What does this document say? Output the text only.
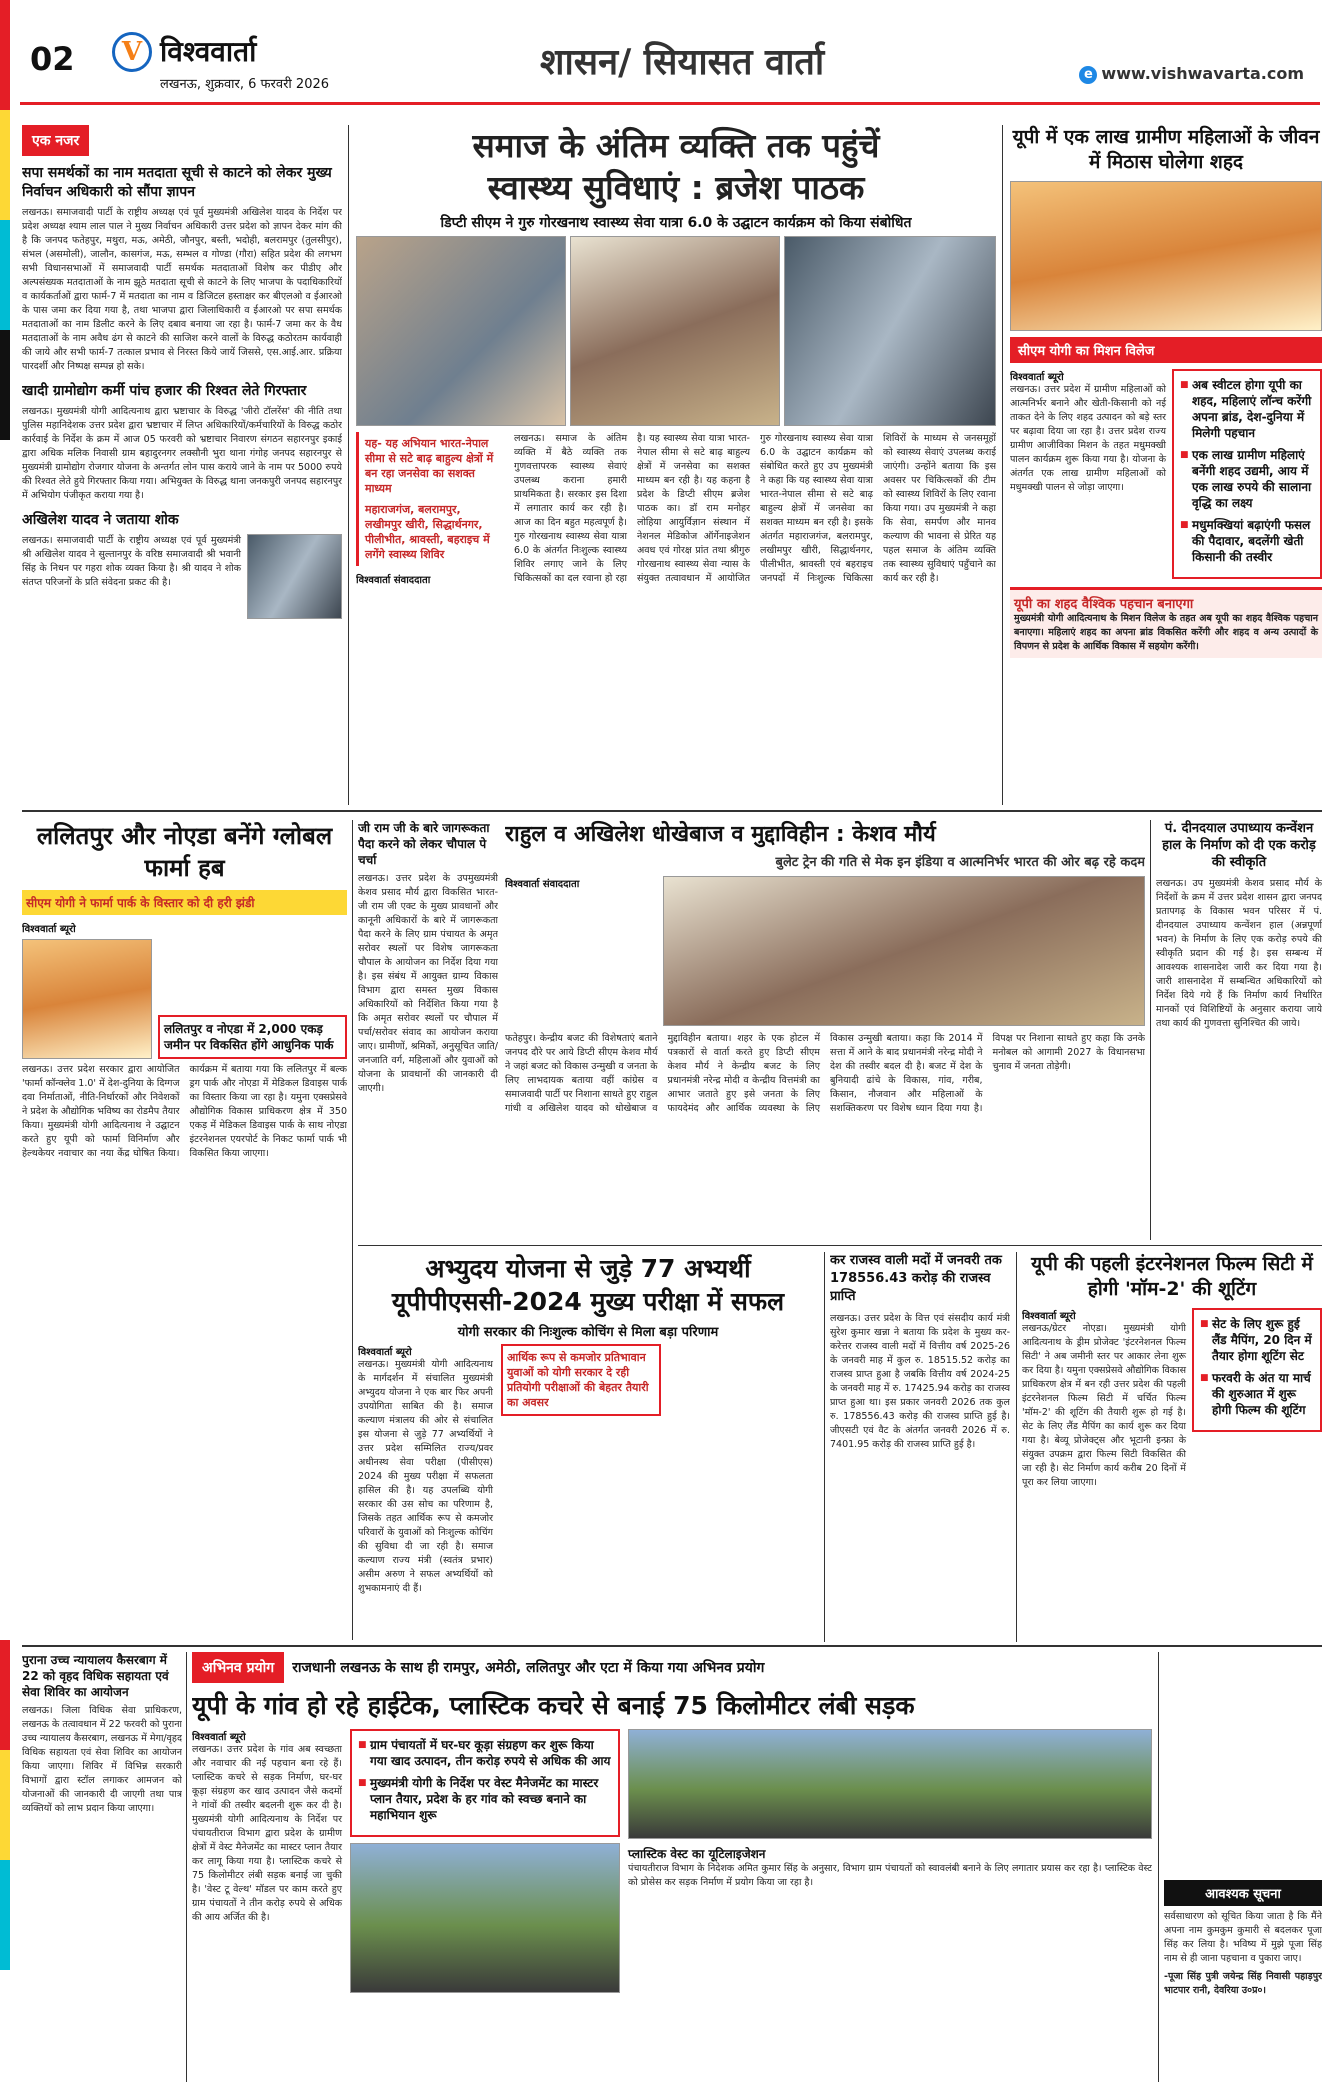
02	V विश्ववार्ता
लखनऊ, शुक्रवार, 6 फरवरी 2026
शासन/ सियासत वार्ता	e www.vishwavarta.com
एक नजर
सपा समर्थकों का नाम मतदाता सूची से काटने को लेकर मुख्य निर्वाचन अधिकारी को सौंपा ज्ञापन

लखनऊ। समाजवादी पार्टी के राष्ट्रीय अध्यक्ष एवं पूर्व मुख्यमंत्री अखिलेश यादव के निर्देश पर प्रदेश अध्यक्ष श्याम लाल पाल ने मुख्य निर्वाचन अधिकारी उत्तर प्रदेश को ज्ञापन देकर मांग की है कि जनपद फतेहपुर, मथुरा, मऊ, अमेठी, जौनपुर, बस्ती, भदोही, बलरामपुर (तुलसीपुर), संभल (असमोली), जालौन, कासगंज, मऊ, सम्भल व गोण्डा (गौरा) सहित प्रदेश की लगभग सभी विधानसभाओं में समाजवादी पार्टी समर्थक मतदाताओं विशेष कर पीडीए और अल्पसंख्यक मतदाताओं के नाम झूठे मतदाता सूची से काटने के लिए भाजपा के पदाधिकारियों व कार्यकर्ताओं द्वारा फार्म-7 में मतदाता का नाम व डिजिटल हस्ताक्षर कर बीएलओ व ईआरओ के पास जमा कर दिया गया है, तथा भाजपा द्वारा जिलाधिकारी व ईआरओ पर सपा समर्थक मतदाताओं का नाम डिलीट करने के लिए दबाव बनाया जा रहा है। फार्म-7 जमा कर के वैध मतदाताओं के नाम अवैध ढंग से काटने की साजिश करने वालों के विरुद्ध कठोरतम कार्यवाही की जाये और सभी फार्म-7 तत्काल प्रभाव से निरस्त किये जायें जिससे, एस.आई.आर. प्रक्रिया पारदर्शी और निष्पक्ष सम्पन्न हो सके।

खादी ग्रामोद्योग कर्मी पांच हजार की रिश्वत लेते गिरफ्तार

लखनऊ। मुख्यमंत्री योगी आदित्यनाथ द्वारा भ्रष्टाचार के विरुद्ध 'जीरो टॉलरेंस' की नीति तथा पुलिस महानिदेशक उत्तर प्रदेश द्वारा भ्रष्टाचार में लिप्त अधिकारियों/कर्मचारियों के विरुद्ध कठोर कार्रवाई के निर्देश के क्रम में आज 05 फरवरी को भ्रष्टाचार निवारण संगठन सहारनपुर इकाई द्वारा अधिक मलिक निवासी ग्राम बहादुरनगर लक्सौनी भुरा थाना गंगोह जनपद सहारनपुर से मुख्यमंत्री ग्रामोद्योग रोजगार योजना के अन्तर्गत लोन पास कराये जाने के नाम पर 5000 रुपये की रिश्वत लेते हुये गिरफ्तार किया गया। अभियुक्त के विरुद्ध थाना जनकपुरी जनपद सहारनपुर में अभियोग पंजीकृत कराया गया है।

अखिलेश यादव ने जताया शोक

लखनऊ। समाजवादी पार्टी के राष्ट्रीय अध्यक्ष एवं पूर्व मुख्यमंत्री श्री अखिलेश यादव ने सुल्तानपुर के वरिष्ठ समाजवादी श्री भवानी सिंह के निधन पर गहरा शोक व्यक्त किया है। श्री यादव ने शोक संतप्त परिजनों के प्रति संवेदना प्रकट की है।

समाज के अंतिम व्यक्ति तक पहुंचें
स्वास्थ्य सुविधाएं : ब्रजेश पाठक
डिप्टी सीएम ने गुरु गोरखनाथ स्वास्थ्य सेवा यात्रा 6.0 के उद्घाटन कार्यक्रम को किया संबोधित
यह- यह अभियान भारत-नेपाल सीमा से सटे बाढ़ बाहुल्य क्षेत्रों में बन रहा जनसेवा का सशक्त माध्यम
महाराजगंज, बलरामपुर, लखीमपुर खीरी, सिद्धार्थनगर, पीलीभीत, श्रावस्ती, बहराइच में लगेंगे स्वास्थ्य शिविर
विश्ववार्ता संवाददाता

लखनऊ। समाज के अंतिम व्यक्ति में बैठे व्यक्ति तक गुणवत्तापरक स्वास्थ्य सेवाएं उपलब्ध कराना हमारी प्राथमिकता है। सरकार इस दिशा में लगातार कार्य कर रही है। आज का दिन बहुत महत्वपूर्ण है। गुरु गोरखनाथ स्वास्थ्य सेवा यात्रा 6.0 के अंतर्गत निःशुल्क स्वास्थ्य शिविर लगाए जाने के लिए चिकित्सकों का दल रवाना हो रहा है। यह स्वास्थ्य सेवा यात्रा भारत-नेपाल सीमा से सटे बाढ़ बाहुल्य क्षेत्रों में जनसेवा का सशक्त माध्यम बन रही है। यह कहना है प्रदेश के डिप्टी सीएम ब्रजेश पाठक का। डॉ राम मनोहर लोहिया आयुर्विज्ञान संस्थान में नेशनल मेडिकोज ऑर्गेनाइजेशन अवध एवं गोरक्ष प्रांत तथा श्रीगुरु गोरखनाथ स्वास्थ्य सेवा न्यास के संयुक्त तत्वावधान में आयोजित गुरु गोरखनाथ स्वास्थ्य सेवा यात्रा 6.0 के उद्घाटन कार्यक्रम को संबोधित करते हुए उप मुख्यमंत्री ने कहा कि यह स्वास्थ्य सेवा यात्रा भारत-नेपाल सीमा से सटे बाढ़ बाहुल्य क्षेत्रों में जनसेवा का सशक्त माध्यम बन रही है। इसके अंतर्गत महाराजगंज, बलरामपुर, लखीमपुर खीरी, सिद्धार्थनगर, पीलीभीत, श्रावस्ती एवं बहराइच जनपदों में निःशुल्क चिकित्सा शिविरों के माध्यम से जनसमूहों को स्वास्थ्य सेवाएं उपलब्ध कराई जाएंगी। उन्होंने बताया कि इस अवसर पर चिकित्सकों की टीम को स्वास्थ्य शिविरों के लिए रवाना किया गया। उप मुख्यमंत्री ने कहा कि सेवा, समर्पण और मानव कल्याण की भावना से प्रेरित यह पहल समाज के अंतिम व्यक्ति तक स्वास्थ्य सुविधाएं पहुँचाने का कार्य कर रही है।

यूपी में एक लाख ग्रामीण महिलाओं के जीवन में मिठास घोलेगा शहद
सीएम योगी का मिशन विलेज
विश्ववार्ता ब्यूरो

लखनऊ। उत्तर प्रदेश में ग्रामीण महिलाओं को आत्मनिर्भर बनाने और खेती-किसानी को नई ताकत देने के लिए शहद उत्पादन को बड़े स्तर पर बढ़ावा दिया जा रहा है। उत्तर प्रदेश राज्य ग्रामीण आजीविका मिशन के तहत मधुमक्खी पालन कार्यक्रम शुरू किया गया है। योजना के अंतर्गत एक लाख ग्रामीण महिलाओं को मधुमक्खी पालन से जोड़ा जाएगा।

■ अब स्वीटल होगा यूपी का शहद, महिलाएं लॉन्च करेंगी अपना ब्रांड, देश-दुनिया में मिलेगी पहचान
■ एक लाख ग्रामीण महिलाएं बनेंगी शहद उद्यमी, आय में एक लाख रुपये की सालाना वृद्धि का लक्ष्य
■ मधुमक्खियां बढ़ाएंगी फसल की पैदावार, बदलेंगी खेती किसानी की तस्वीर
यूपी का शहद वैश्विक पहचान बनाएगा

मुख्यमंत्री योगी आदित्यनाथ के मिशन विलेज के तहत अब यूपी का शहद वैश्विक पहचान बनाएगा। महिलाएं शहद का अपना ब्रांड विकसित करेंगी और शहद व अन्य उत्पादों के विपणन से प्रदेश के आर्थिक विकास में सहयोग करेंगी।

ललितपुर और नोएडा बनेंगे ग्लोबल फार्मा हब
सीएम योगी ने फार्मा पार्क के विस्तार को दी हरी झंडी
विश्ववार्ता ब्यूरो
ललितपुर व नोएडा में 2,000 एकड़ जमीन पर विकसित होंगे आधुनिक पार्क

लखनऊ। उत्तर प्रदेश सरकार द्वारा आयोजित 'फार्मा कॉन्क्लेव 1.0' में देश-दुनिया के दिग्गज दवा निर्माताओं, नीति-निर्धारकों और निवेशकों ने प्रदेश के औद्योगिक भविष्य का रोडमैप तैयार किया। मुख्यमंत्री योगी आदित्यनाथ ने उद्घाटन करते हुए यूपी को फार्मा विनिर्माण और हेल्थकेयर नवाचार का नया केंद्र घोषित किया। कार्यक्रम में बताया गया कि ललितपुर में बल्क ड्रग पार्क और नोएडा में मेडिकल डिवाइस पार्क का विस्तार किया जा रहा है। यमुना एक्सप्रेसवे औद्योगिक विकास प्राधिकरण क्षेत्र में 350 एकड़ में मेडिकल डिवाइस पार्क के साथ नोएडा इंटरनेशनल एयरपोर्ट के निकट फार्मा पार्क भी विकसित किया जाएगा।

जी राम जी के बारे जागरूकता पैदा करने को लेकर चौपाल पे चर्चा

लखनऊ। उत्तर प्रदेश के उपमुख्यमंत्री केशव प्रसाद मौर्य द्वारा विकसित भारत-जी राम जी एक्ट के मुख्य प्रावधानों और कानूनी अधिकारों के बारे में जागरूकता पैदा करने के लिए ग्राम पंचायत के अमृत सरोवर स्थलों पर विशेष जागरूकता चौपाल के आयोजन का निर्देश दिया गया है। इस संबंध में आयुक्त ग्राम्य विकास विभाग द्वारा समस्त मुख्य विकास अधिकारियों को निर्देशित किया गया है कि अमृत सरोवर स्थलों पर चौपाल में पर्चा/सरोवर संवाद का आयोजन कराया जाए। ग्रामीणों, श्रमिकों, अनुसूचित जाति/जनजाति वर्ग, महिलाओं और युवाओं को योजना के प्रावधानों की जानकारी दी जाएगी।

राहुल व अखिलेश धोखेबाज व मुद्दाविहीन : केशव मौर्य
बुलेट ट्रेन की गति से मेक इन इंडिया व आत्मनिर्भर भारत की ओर बढ़ रहे कदम
विश्ववार्ता संवाददाता

फतेहपुर। केन्द्रीय बजट की विशेषताएं बताने जनपद दौरे पर आये डिप्टी सीएम केशव मौर्य ने जहां बजट को विकास उन्मुखी व जनता के लिए लाभदायक बताया वहीं कांग्रेस व समाजवादी पार्टी पर निशाना साधते हुए राहुल गांधी व अखिलेश यादव को धोखेबाज व मुद्दाविहीन बताया। शहर के एक होटल में पत्रकारों से वार्ता करते हुए डिप्टी सीएम केशव मौर्य ने केन्द्रीय बजट के लिए प्रधानमंत्री नरेन्द्र मोदी व केन्द्रीय वित्तमंत्री का आभार जताते हुए इसे जनता के लिए फायदेमंद और आर्थिक व्यवस्था के लिए विकास उन्मुखी बताया। कहा कि 2014 में सत्ता में आने के बाद प्रधानमंत्री नरेन्द्र मोदी ने देश की तस्वीर बदल दी है। बजट में देश के बुनियादी ढांचे के विकास, गांव, गरीब, किसान, नौजवान और महिलाओं के सशक्तिकरण पर विशेष ध्यान दिया गया है। विपक्ष पर निशाना साधते हुए कहा कि उनके मनोबल को आगामी 2027 के विधानसभा चुनाव में जनता तोड़ेगी।

पं. दीनदयाल उपाध्याय कन्वेंशन हाल के निर्माण को दी एक करोड़ की स्वीकृति

लखनऊ। उप मुख्यमंत्री केशव प्रसाद मौर्य के निर्देशों के क्रम में उत्तर प्रदेश शासन द्वारा जनपद प्रतापगढ़ के विकास भवन परिसर में पं. दीनदयाल उपाध्याय कन्वेंशन हाल (अन्नपूर्णा भवन) के निर्माण के लिए एक करोड़ रुपये की स्वीकृति प्रदान की गई है। इस सम्बन्ध में आवश्यक शासनादेश जारी कर दिया गया है। जारी शासनादेश में सम्बन्धित अधिकारियों को निर्देश दिये गये हैं कि निर्माण कार्य निर्धारित मानकों एवं विशिष्टियों के अनुसार कराया जाये तथा कार्य की गुणवत्ता सुनिश्चित की जाये।

अभ्युदय योजना से जुड़े 77 अभ्यर्थी
यूपीपीएससी-2024 मुख्य परीक्षा में सफल
योगी सरकार की निःशुल्क कोचिंग से मिला बड़ा परिणाम
विश्ववार्ता ब्यूरो

लखनऊ। मुख्यमंत्री योगी आदित्यनाथ के मार्गदर्शन में संचालित मुख्यमंत्री अभ्युदय योजना ने एक बार फिर अपनी उपयोगिता साबित की है। समाज कल्याण मंत्रालय की ओर से संचालित इस योजना से जुड़े 77 अभ्यर्थियों ने उत्तर प्रदेश सम्मिलित राज्य/प्रवर अधीनस्थ सेवा परीक्षा (पीसीएस) 2024 की मुख्य परीक्षा में सफलता हासिल की है। यह उपलब्धि योगी सरकार की उस सोच का परिणाम है, जिसके तहत आर्थिक रूप से कमजोर परिवारों के युवाओं को निःशुल्क कोचिंग की सुविधा दी जा रही है। समाज कल्याण राज्य मंत्री (स्वतंत्र प्रभार) असीम अरुण ने सफल अभ्यर्थियों को शुभकामनाएं दी हैं।

आर्थिक रूप से कमजोर प्रतिभावान युवाओं को योगी सरकार दे रही प्रतियोगी परीक्षाओं की बेहतर तैयारी का अवसर
कर राजस्व वाली मदों में जनवरी तक 178556.43 करोड़ की राजस्व प्राप्ति

लखनऊ। उत्तर प्रदेश के वित्त एवं संसदीय कार्य मंत्री सुरेश कुमार खन्ना ने बताया कि प्रदेश के मुख्य कर-करेत्तर राजस्व वाली मदों में वित्तीय वर्ष 2025-26 के जनवरी माह में कुल रु. 18515.52 करोड़ का राजस्व प्राप्त हुआ है जबकि वित्तीय वर्ष 2024-25 के जनवरी माह में रु. 17425.94 करोड़ का राजस्व प्राप्त हुआ था। इस प्रकार जनवरी 2026 तक कुल रु. 178556.43 करोड़ की राजस्व प्राप्ति हुई है। जीएसटी एवं वैट के अंतर्गत जनवरी 2026 में रु. 7401.95 करोड़ की राजस्व प्राप्ति हुई है।

यूपी की पहली इंटरनेशनल फिल्म सिटी में होगी 'मॉम-2' की शूटिंग
विश्ववार्ता ब्यूरो

लखनऊ/ग्रेटर नोएडा। मुख्यमंत्री योगी आदित्यनाथ के ड्रीम प्रोजेक्ट 'इंटरनेशनल फिल्म सिटी' ने अब जमीनी स्तर पर आकार लेना शुरू कर दिया है। यमुना एक्सप्रेसवे औद्योगिक विकास प्राधिकरण क्षेत्र में बन रही उत्तर प्रदेश की पहली इंटरनेशनल फिल्म सिटी में चर्चित फिल्म 'मॉम-2' की शूटिंग की तैयारी शुरू हो गई है। सेट के लिए लैंड मैपिंग का कार्य शुरू कर दिया गया है। बेव्यू प्रोजेक्ट्स और भूटानी इन्फ्रा के संयुक्त उपक्रम द्वारा फिल्म सिटी विकसित की जा रही है। सेट निर्माण कार्य करीब 20 दिनों में पूरा कर लिया जाएगा।

■ सेट के लिए शुरू हुई लैंड मैपिंग, 20 दिन में तैयार होगा शूटिंग सेट
■ फरवरी के अंत या मार्च की शुरुआत में शुरू होगी फिल्म की शूटिंग
पुराना उच्च न्यायालय कैसरबाग में 22 को वृहद विधिक सहायता एवं सेवा शिविर का आयोजन

लखनऊ। जिला विधिक सेवा प्राधिकरण, लखनऊ के तत्वावधान में 22 फरवरी को पुराना उच्च न्यायालय कैसरबाग, लखनऊ में मेगा/वृहद विधिक सहायता एवं सेवा शिविर का आयोजन किया जाएगा। शिविर में विभिन्न सरकारी विभागों द्वारा स्टॉल लगाकर आमजन को योजनाओं की जानकारी दी जाएगी तथा पात्र व्यक्तियों को लाभ प्रदान किया जाएगा।

अभिनव प्रयोग	राजधानी लखनऊ के साथ ही रामपुर, अमेठी, ललितपुर और एटा में किया गया अभिनव प्रयोग
यूपी के गांव हो रहे हाईटेक, प्लास्टिक कचरे से बनाई 75 किलोमीटर लंबी सड़क
विश्ववार्ता ब्यूरो

लखनऊ। उत्तर प्रदेश के गांव अब स्वच्छता और नवाचार की नई पहचान बना रहे हैं। प्लास्टिक कचरे से सड़क निर्माण, घर-घर कूड़ा संग्रहण कर खाद उत्पादन जैसे कदमों ने गांवों की तस्वीर बदलनी शुरू कर दी है। मुख्यमंत्री योगी आदित्यनाथ के निर्देश पर पंचायतीराज विभाग द्वारा प्रदेश के ग्रामीण क्षेत्रों में वेस्ट मैनेजमेंट का मास्टर प्लान तैयार कर लागू किया गया है। प्लास्टिक कचरे से 75 किलोमीटर लंबी सड़क बनाई जा चुकी है। 'वेस्ट टू वेल्थ' मॉडल पर काम करते हुए ग्राम पंचायतों ने तीन करोड़ रुपये से अधिक की आय अर्जित की है।

■ ग्राम पंचायतों में घर-घर कूड़ा संग्रहण कर शुरू किया गया खाद उत्पादन, तीन करोड़ रुपये से अधिक की आय
■ मुख्यमंत्री योगी के निर्देश पर वेस्ट मैनेजमेंट का मास्टर प्लान तैयार, प्रदेश के हर गांव को स्वच्छ बनाने का महाभियान शुरू
प्लास्टिक वेस्ट का यूटिलाइजेशन

पंचायतीराज विभाग के निदेशक अमित कुमार सिंह के अनुसार, विभाग ग्राम पंचायतों को स्वावलंबी बनाने के लिए लगातार प्रयास कर रहा है। प्लास्टिक वेस्ट को प्रोसेस कर सड़क निर्माण में प्रयोग किया जा रहा है।

आवश्यक सूचना

सर्वसाधारण को सूचित किया जाता है कि मैंने अपना नाम कुमकुम कुमारी से बदलकर पूजा सिंह कर लिया है। भविष्य में मुझे पूजा सिंह नाम से ही जाना पहचाना व पुकारा जाए।

-पूजा सिंह पुत्री जयेन्द्र सिंह निवासी पहाड़पुर भाटपार रानी, देवरिया उ०प्र०।
